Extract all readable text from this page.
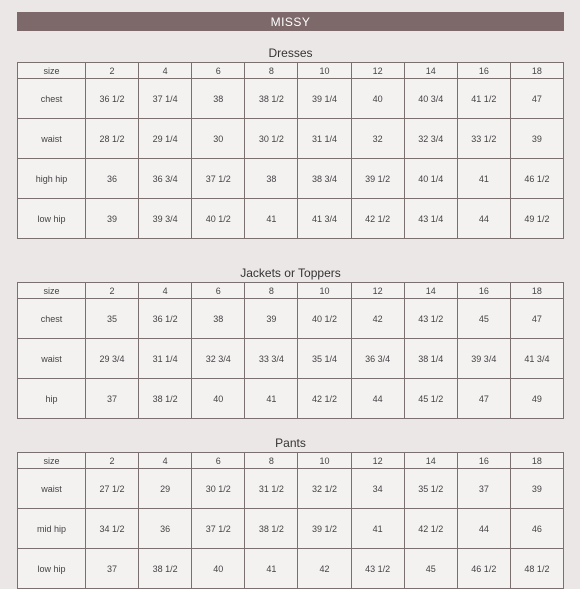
MISSY
Dresses
size	2	4	6	8	10	12	14	16	18
chest	36 1/2	37 1/4	38	38 1/2	39 1/4	40	40 3/4	41 1/2	47
waist	28 1/2	29 1/4	30	30 1/2	31 1/4	32	32 3/4	33 1/2	39
high hip	36	36 3/4	37 1/2	38	38 3/4	39 1/2	40 1/4	41	46 1/2
low hip	39	39 3/4	40 1/2	41	41 3/4	42 1/2	43 1/4	44	49 1/2
Jackets or Toppers
size	2	4	6	8	10	12	14	16	18
chest	35	36 1/2	38	39	40 1/2	42	43 1/2	45	47
waist	29 3/4	31 1/4	32 3/4	33 3/4	35 1/4	36 3/4	38 1/4	39 3/4	41 3/4
hip	37	38 1/2	40	41	42 1/2	44	45 1/2	47	49
Pants
size	2	4	6	8	10	12	14	16	18
waist	27 1/2	29	30 1/2	31 1/2	32 1/2	34	35 1/2	37	39
mid hip	34 1/2	36	37 1/2	38 1/2	39 1/2	41	42 1/2	44	46
low hip	37	38 1/2	40	41	42	43 1/2	45	46 1/2	48 1/2
